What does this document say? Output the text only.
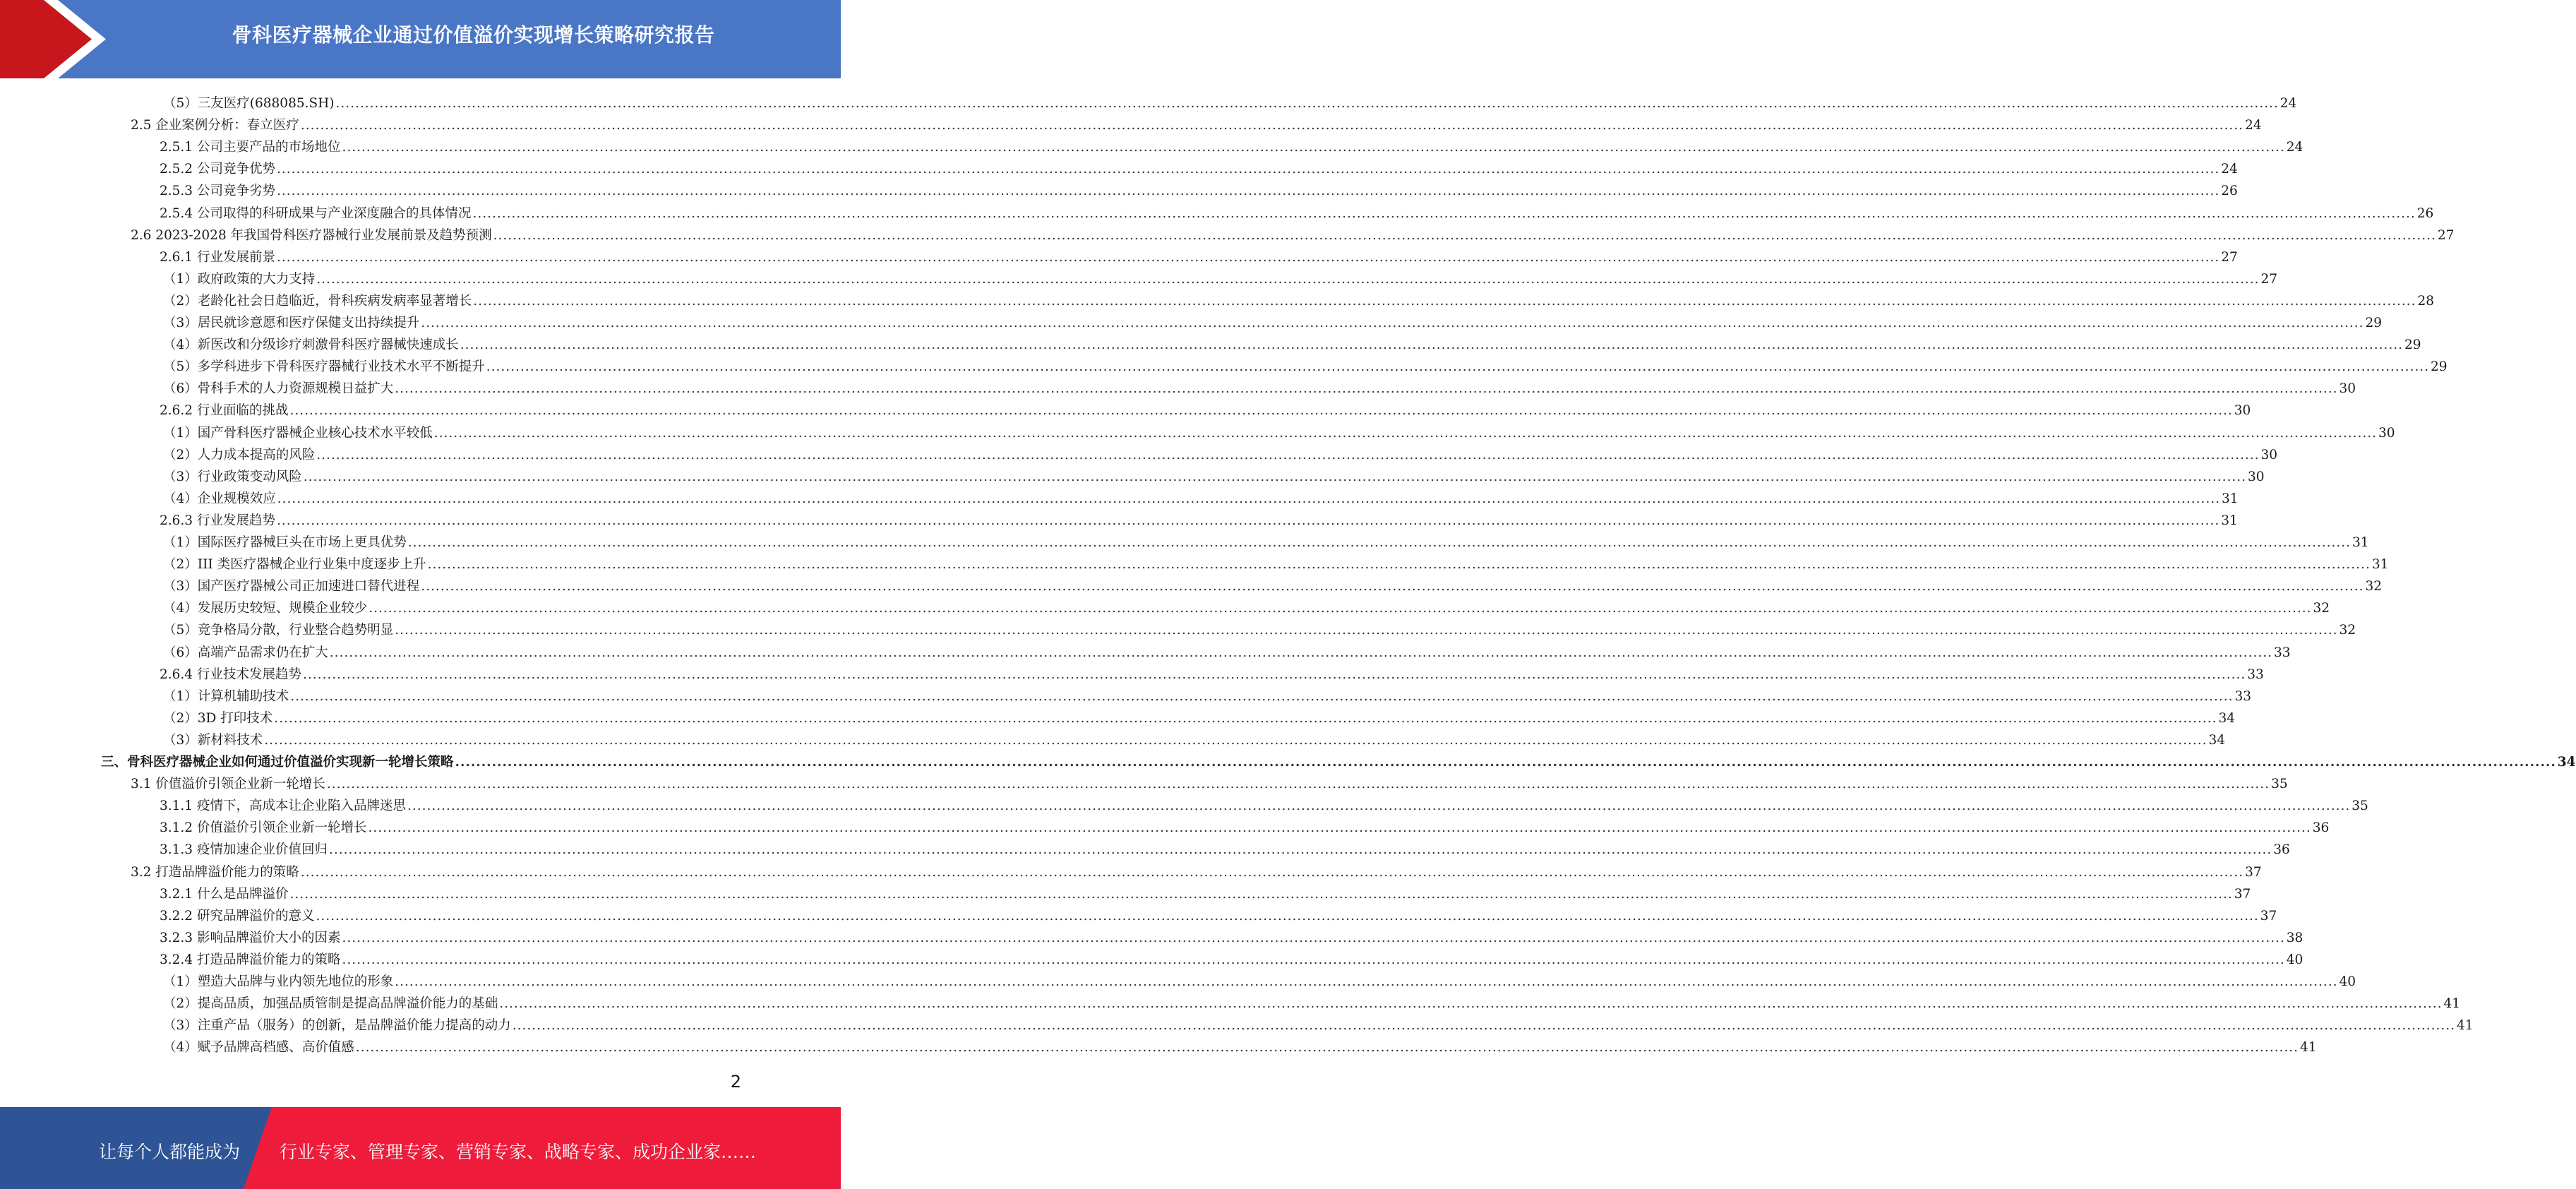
骨科医疗器械企业通过价值溢价实现增长策略研究报告
（5）三友医疗(688085.SH) ................................................................................................................................................................................................................................................................................................................................................................................................................ 24
2.5 企业案例分析：春立医疗 ................................................................................................................................................................................................................................................................................................................................................................................................................ 24
2.5.1 公司主要产品的市场地位 ................................................................................................................................................................................................................................................................................................................................................................................................................ 24
2.5.2 公司竞争优势 ................................................................................................................................................................................................................................................................................................................................................................................................................ 24
2.5.3 公司竞争劣势 ................................................................................................................................................................................................................................................................................................................................................................................................................ 26
2.5.4 公司取得的科研成果与产业深度融合的具体情况 ................................................................................................................................................................................................................................................................................................................................................................................................................ 26
2.6 2023-2028 年我国骨科医疗器械行业发展前景及趋势预测 ................................................................................................................................................................................................................................................................................................................................................................................................................ 27
2.6.1 行业发展前景 ................................................................................................................................................................................................................................................................................................................................................................................................................ 27
（1）政府政策的大力支持 ................................................................................................................................................................................................................................................................................................................................................................................................................ 27
（2）老龄化社会日趋临近，骨科疾病发病率显著增长 ................................................................................................................................................................................................................................................................................................................................................................................................................ 28
（3）居民就诊意愿和医疗保健支出持续提升 ................................................................................................................................................................................................................................................................................................................................................................................................................ 29
（4）新医改和分级诊疗刺激骨科医疗器械快速成长 ................................................................................................................................................................................................................................................................................................................................................................................................................ 29
（5）多学科进步下骨科医疗器械行业技术水平不断提升 ................................................................................................................................................................................................................................................................................................................................................................................................................ 29
（6）骨科手术的人力资源规模日益扩大 ................................................................................................................................................................................................................................................................................................................................................................................................................ 30
2.6.2 行业面临的挑战 ................................................................................................................................................................................................................................................................................................................................................................................................................ 30
（1）国产骨科医疗器械企业核心技术水平较低 ................................................................................................................................................................................................................................................................................................................................................................................................................ 30
（2）人力成本提高的风险 ................................................................................................................................................................................................................................................................................................................................................................................................................ 30
（3）行业政策变动风险 ................................................................................................................................................................................................................................................................................................................................................................................................................ 30
（4）企业规模效应 ................................................................................................................................................................................................................................................................................................................................................................................................................ 31
2.6.3 行业发展趋势 ................................................................................................................................................................................................................................................................................................................................................................................................................ 31
（1）国际医疗器械巨头在市场上更具优势 ................................................................................................................................................................................................................................................................................................................................................................................................................ 31
（2）III 类医疗器械企业行业集中度逐步上升 ................................................................................................................................................................................................................................................................................................................................................................................................................ 31
（3）国产医疗器械公司正加速进口替代进程 ................................................................................................................................................................................................................................................................................................................................................................................................................ 32
（4）发展历史较短、规模企业较少 ................................................................................................................................................................................................................................................................................................................................................................................................................ 32
（5）竞争格局分散，行业整合趋势明显 ................................................................................................................................................................................................................................................................................................................................................................................................................ 32
（6）高端产品需求仍在扩大 ................................................................................................................................................................................................................................................................................................................................................................................................................ 33
2.6.4 行业技术发展趋势 ................................................................................................................................................................................................................................................................................................................................................................................................................ 33
（1）计算机辅助技术 ................................................................................................................................................................................................................................................................................................................................................................................................................ 33
（2）3D 打印技术 ................................................................................................................................................................................................................................................................................................................................................................................................................ 34
（3）新材料技术 ................................................................................................................................................................................................................................................................................................................................................................................................................ 34
三、骨科医疗器械企业如何通过价值溢价实现新一轮增长策略 ................................................................................................................................................................................................................................................................................................................................................................................................................ 34
3.1 价值溢价引领企业新一轮增长 ................................................................................................................................................................................................................................................................................................................................................................................................................ 35
3.1.1 疫情下，高成本让企业陷入品牌迷思 ................................................................................................................................................................................................................................................................................................................................................................................................................ 35
3.1.2 价值溢价引领企业新一轮增长 ................................................................................................................................................................................................................................................................................................................................................................................................................ 36
3.1.3 疫情加速企业价值回归 ................................................................................................................................................................................................................................................................................................................................................................................................................ 36
3.2 打造品牌溢价能力的策略 ................................................................................................................................................................................................................................................................................................................................................................................................................ 37
3.2.1 什么是品牌溢价 ................................................................................................................................................................................................................................................................................................................................................................................................................ 37
3.2.2 研究品牌溢价的意义 ................................................................................................................................................................................................................................................................................................................................................................................................................ 37
3.2.3 影响品牌溢价大小的因素 ................................................................................................................................................................................................................................................................................................................................................................................................................ 38
3.2.4 打造品牌溢价能力的策略 ................................................................................................................................................................................................................................................................................................................................................................................................................ 40
（1）塑造大品牌与业内领先地位的形象 ................................................................................................................................................................................................................................................................................................................................................................................................................ 40
（2）提高品质，加强品质管制是提高品牌溢价能力的基础 ................................................................................................................................................................................................................................................................................................................................................................................................................ 41
（3）注重产品（服务）的创新，是品牌溢价能力提高的动力 ................................................................................................................................................................................................................................................................................................................................................................................................................ 41
（4）赋予品牌高档感、高价值感 ................................................................................................................................................................................................................................................................................................................................................................................................................ 41
2
让每个人都能成为 行业专家、管理专家、营销专家、战略专家、成功企业家……
